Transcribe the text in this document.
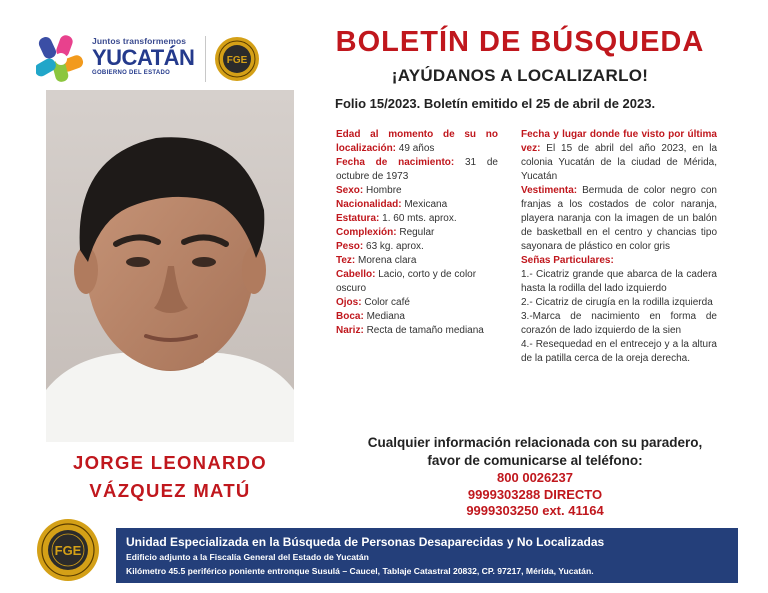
Juntos transformemos
YUCATÁN
GOBIERNO DEL ESTADO
FGE
BOLETÍN DE BÚSQUEDA
¡AYÚDANOS A LOCALIZARLO!
Folio 15/2023. Boletín emitido el 25 de abril de 2023.
JORGE LEONARDO
VÁZQUEZ MATÚ

Edad al momento de su no localización: 49 años

Fecha de nacimiento: 31 de octubre de 1973

Sexo: Hombre

Nacionalidad: Mexicana

Estatura: 1. 60 mts. aprox.

Complexión: Regular

Peso: 63 kg. aprox.

Tez: Morena clara

Cabello: Lacio, corto y de color oscuro

Ojos: Color café

Boca: Mediana

Nariz: Recta de tamaño mediana

Fecha y lugar donde fue visto por última vez: El 15 de abril del año 2023, en la colonia Yucatán de la ciudad de Mérida, Yucatán

Vestimenta: Bermuda de color negro con franjas a los costados de color naranja, playera naranja con la imagen de un balón de basketball en el centro y chancias tipo sayonara de plástico en color gris

Señas Particulares:

1.- Cicatriz grande que abarca de la cadera hasta la rodilla del lado izquierdo

2.- Cicatriz de cirugía en la rodilla izquierda

3.-Marca de nacimiento en forma de corazón de lado izquierdo de la sien

4.- Resequedad en el entrecejo y a la altura de la patilla cerca de la oreja derecha.

Cualquier información relacionada con su paradero,
favor de comunicarse al teléfono:
800 0026237
9999303288 DIRECTO
9999303250 ext. 41164
FGE
Unidad Especializada en la Búsqueda de Personas Desaparecidas y No Localizadas
Edificio adjunto a la Fiscalía General del Estado de Yucatán
Kilómetro 45.5 periférico poniente entronque Susulá – Caucel, Tablaje Catastral 20832, CP. 97217, Mérida, Yucatán.
